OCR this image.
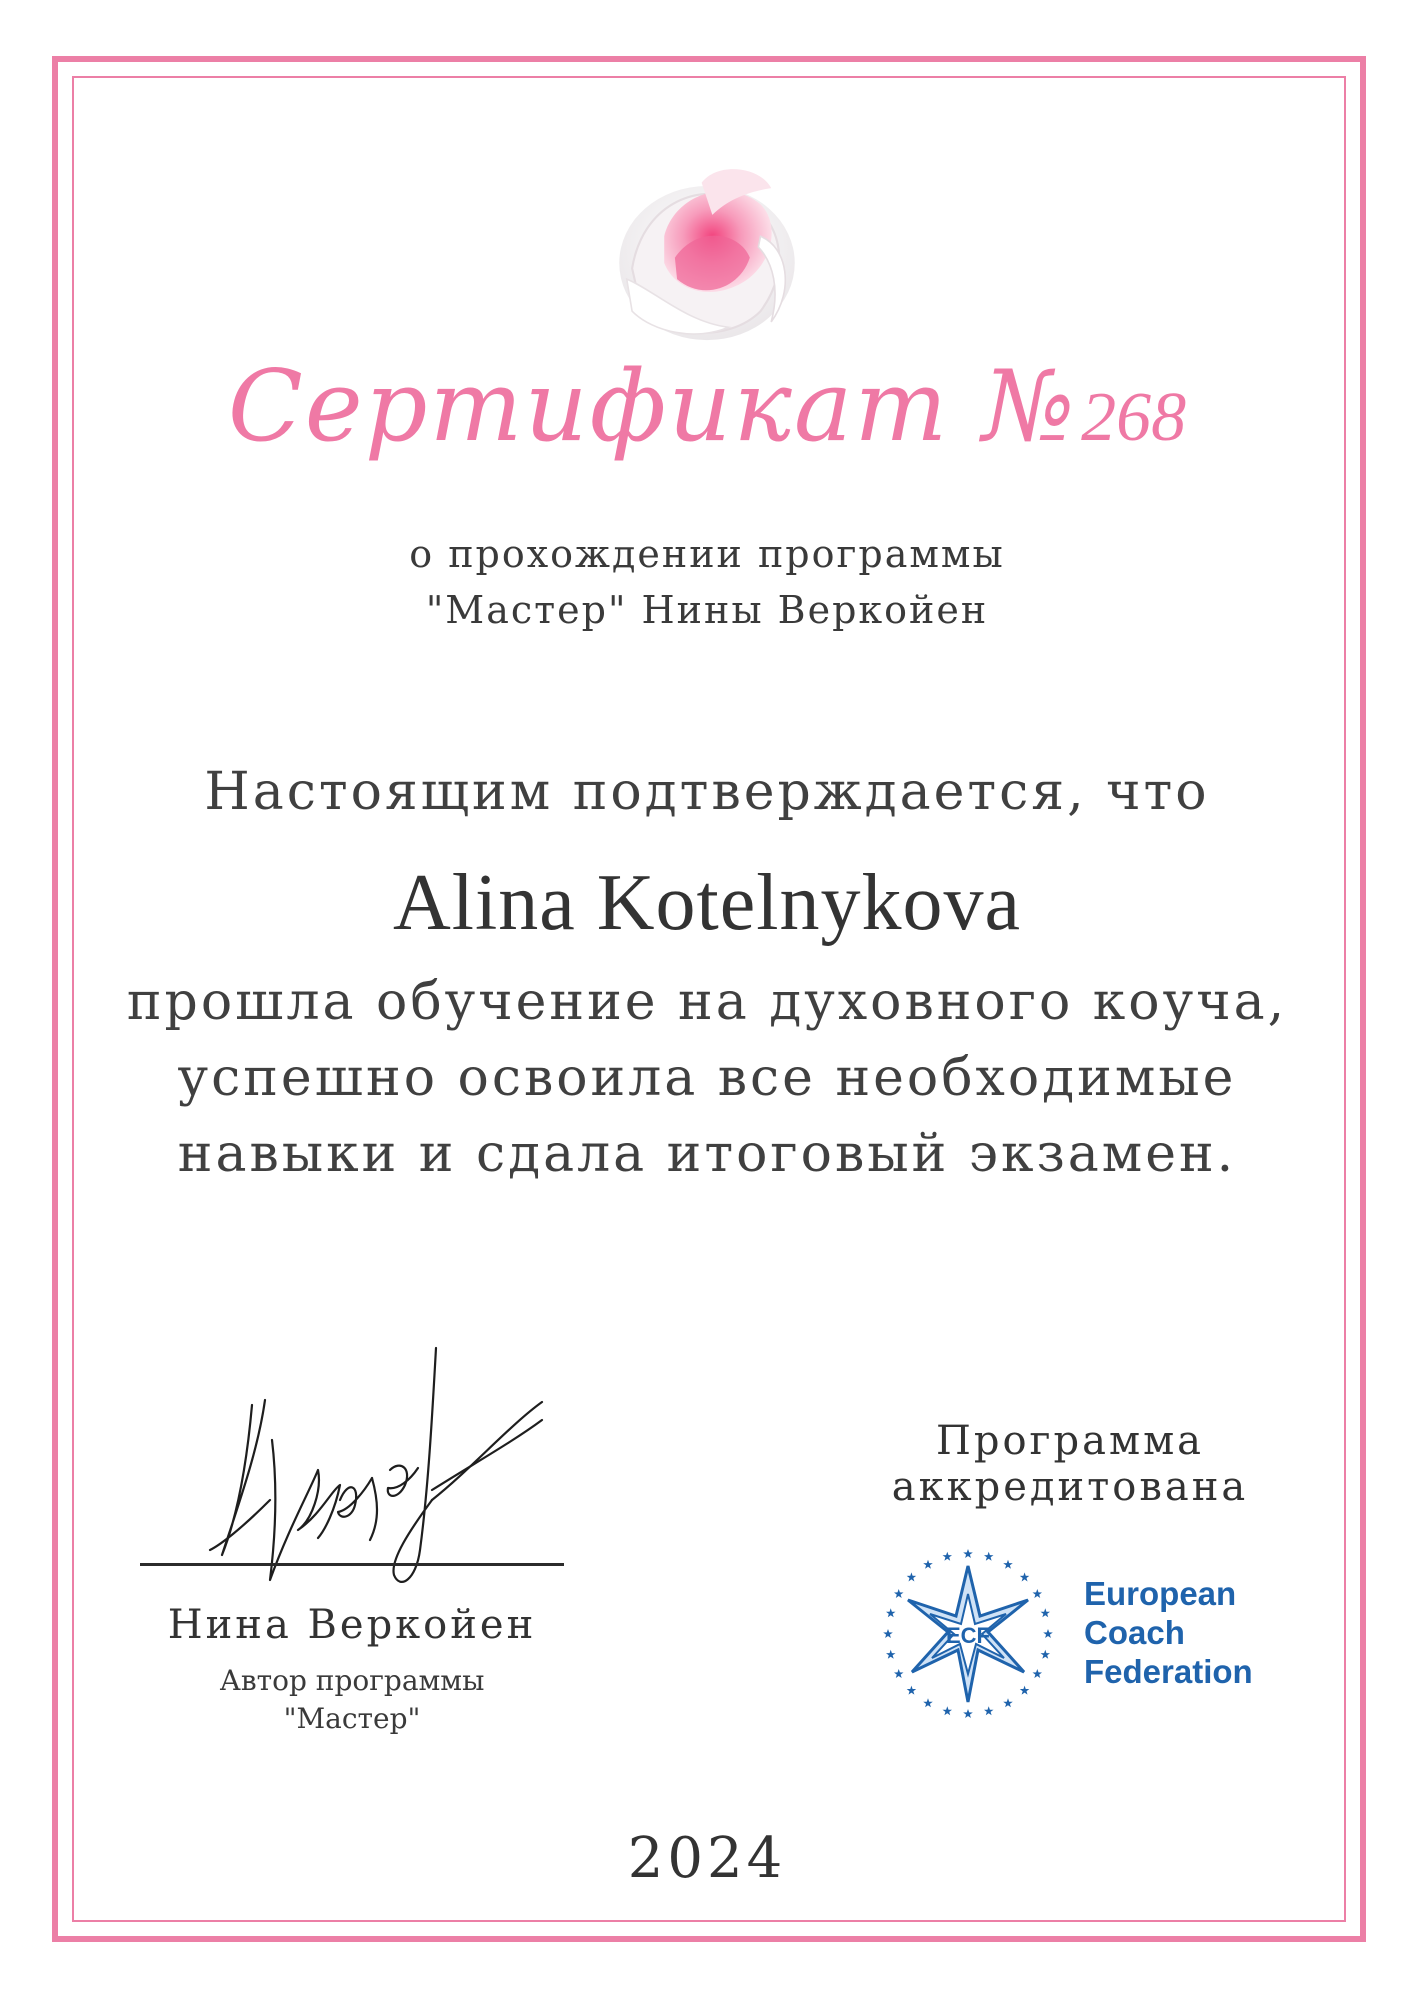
Сертификат №268
о прохождении программы
"Мастер" Нины Веркойен
Настоящим подтверждается, что
Alina Kotelnykova
прошла обучение на духовного коуча,
успешно освоила все необходимые
навыки и сдала итоговый экзамен.
Нина Веркойен
Автор программы
"Мастер"
Программа
аккредитована
ECF
European
Coach
Federation
2024
